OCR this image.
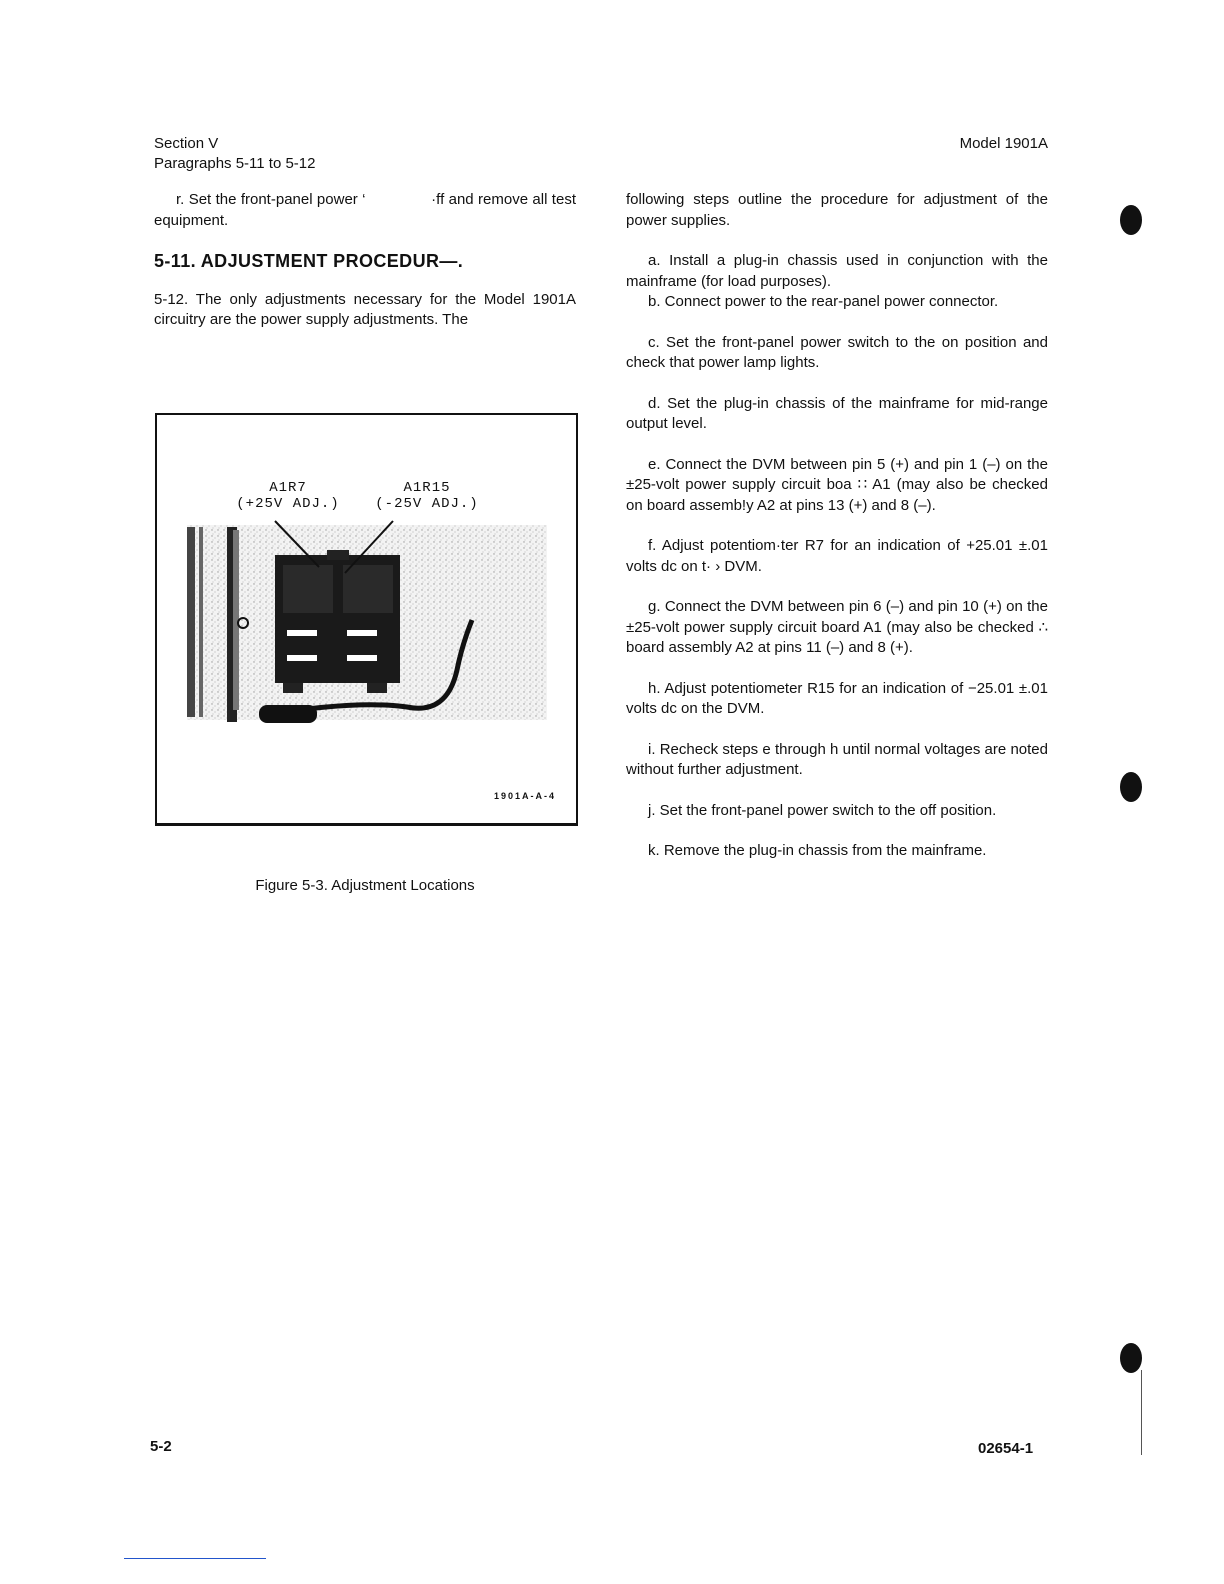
Section V
Paragraphs 5-11 to 5-12
Model 1901A

r. Set the front-panel power ‘               ·ff and remove all test equipment.

5-11. ADJUSTMENT PROCEDUR—.

5-12. The only adjustments necessary for the Model 1901A circuitry are the power supply adjustments. The

A1R7
(+25V ADJ.)
A1R15
(-25V ADJ.)
1901A-A-4
Figure 5-3. Adjustment Locations

following steps outline the procedure for adjustment of the power supplies.

a. Install a plug-in chassis used in conjunction with the mainframe (for load purposes).

b. Connect power to the rear-panel power connector.

c. Set the front-panel power switch to the on position and check that power lamp lights.

d. Set the plug-in chassis of the mainframe for mid-range output level.

e. Connect the DVM between pin 5 (+) and pin 1 (–) on the ±25-volt power supply circuit boa ∷ A1 (may also be checked on board assemb!y A2 at pins 13 (+) and 8 (–).

f. Adjust potentiom·ter R7 for an indication of +25.01 ±.01 volts dc on t· › DVM.

g. Connect the DVM between pin 6 (–) and pin 10 (+) on the ±25-volt power supply circuit board A1 (may also be checked ∴ board assembly A2 at pins 11 (–) and 8 (+).

h. Adjust potentiometer R15 for an indication of −25.01 ±.01 volts dc on the DVM.

i. Recheck steps e through h until normal voltages are noted without further adjustment.

j. Set the front-panel power switch to the off position.

k. Remove the plug-in chassis from the mainframe.

5-2	02654-1
